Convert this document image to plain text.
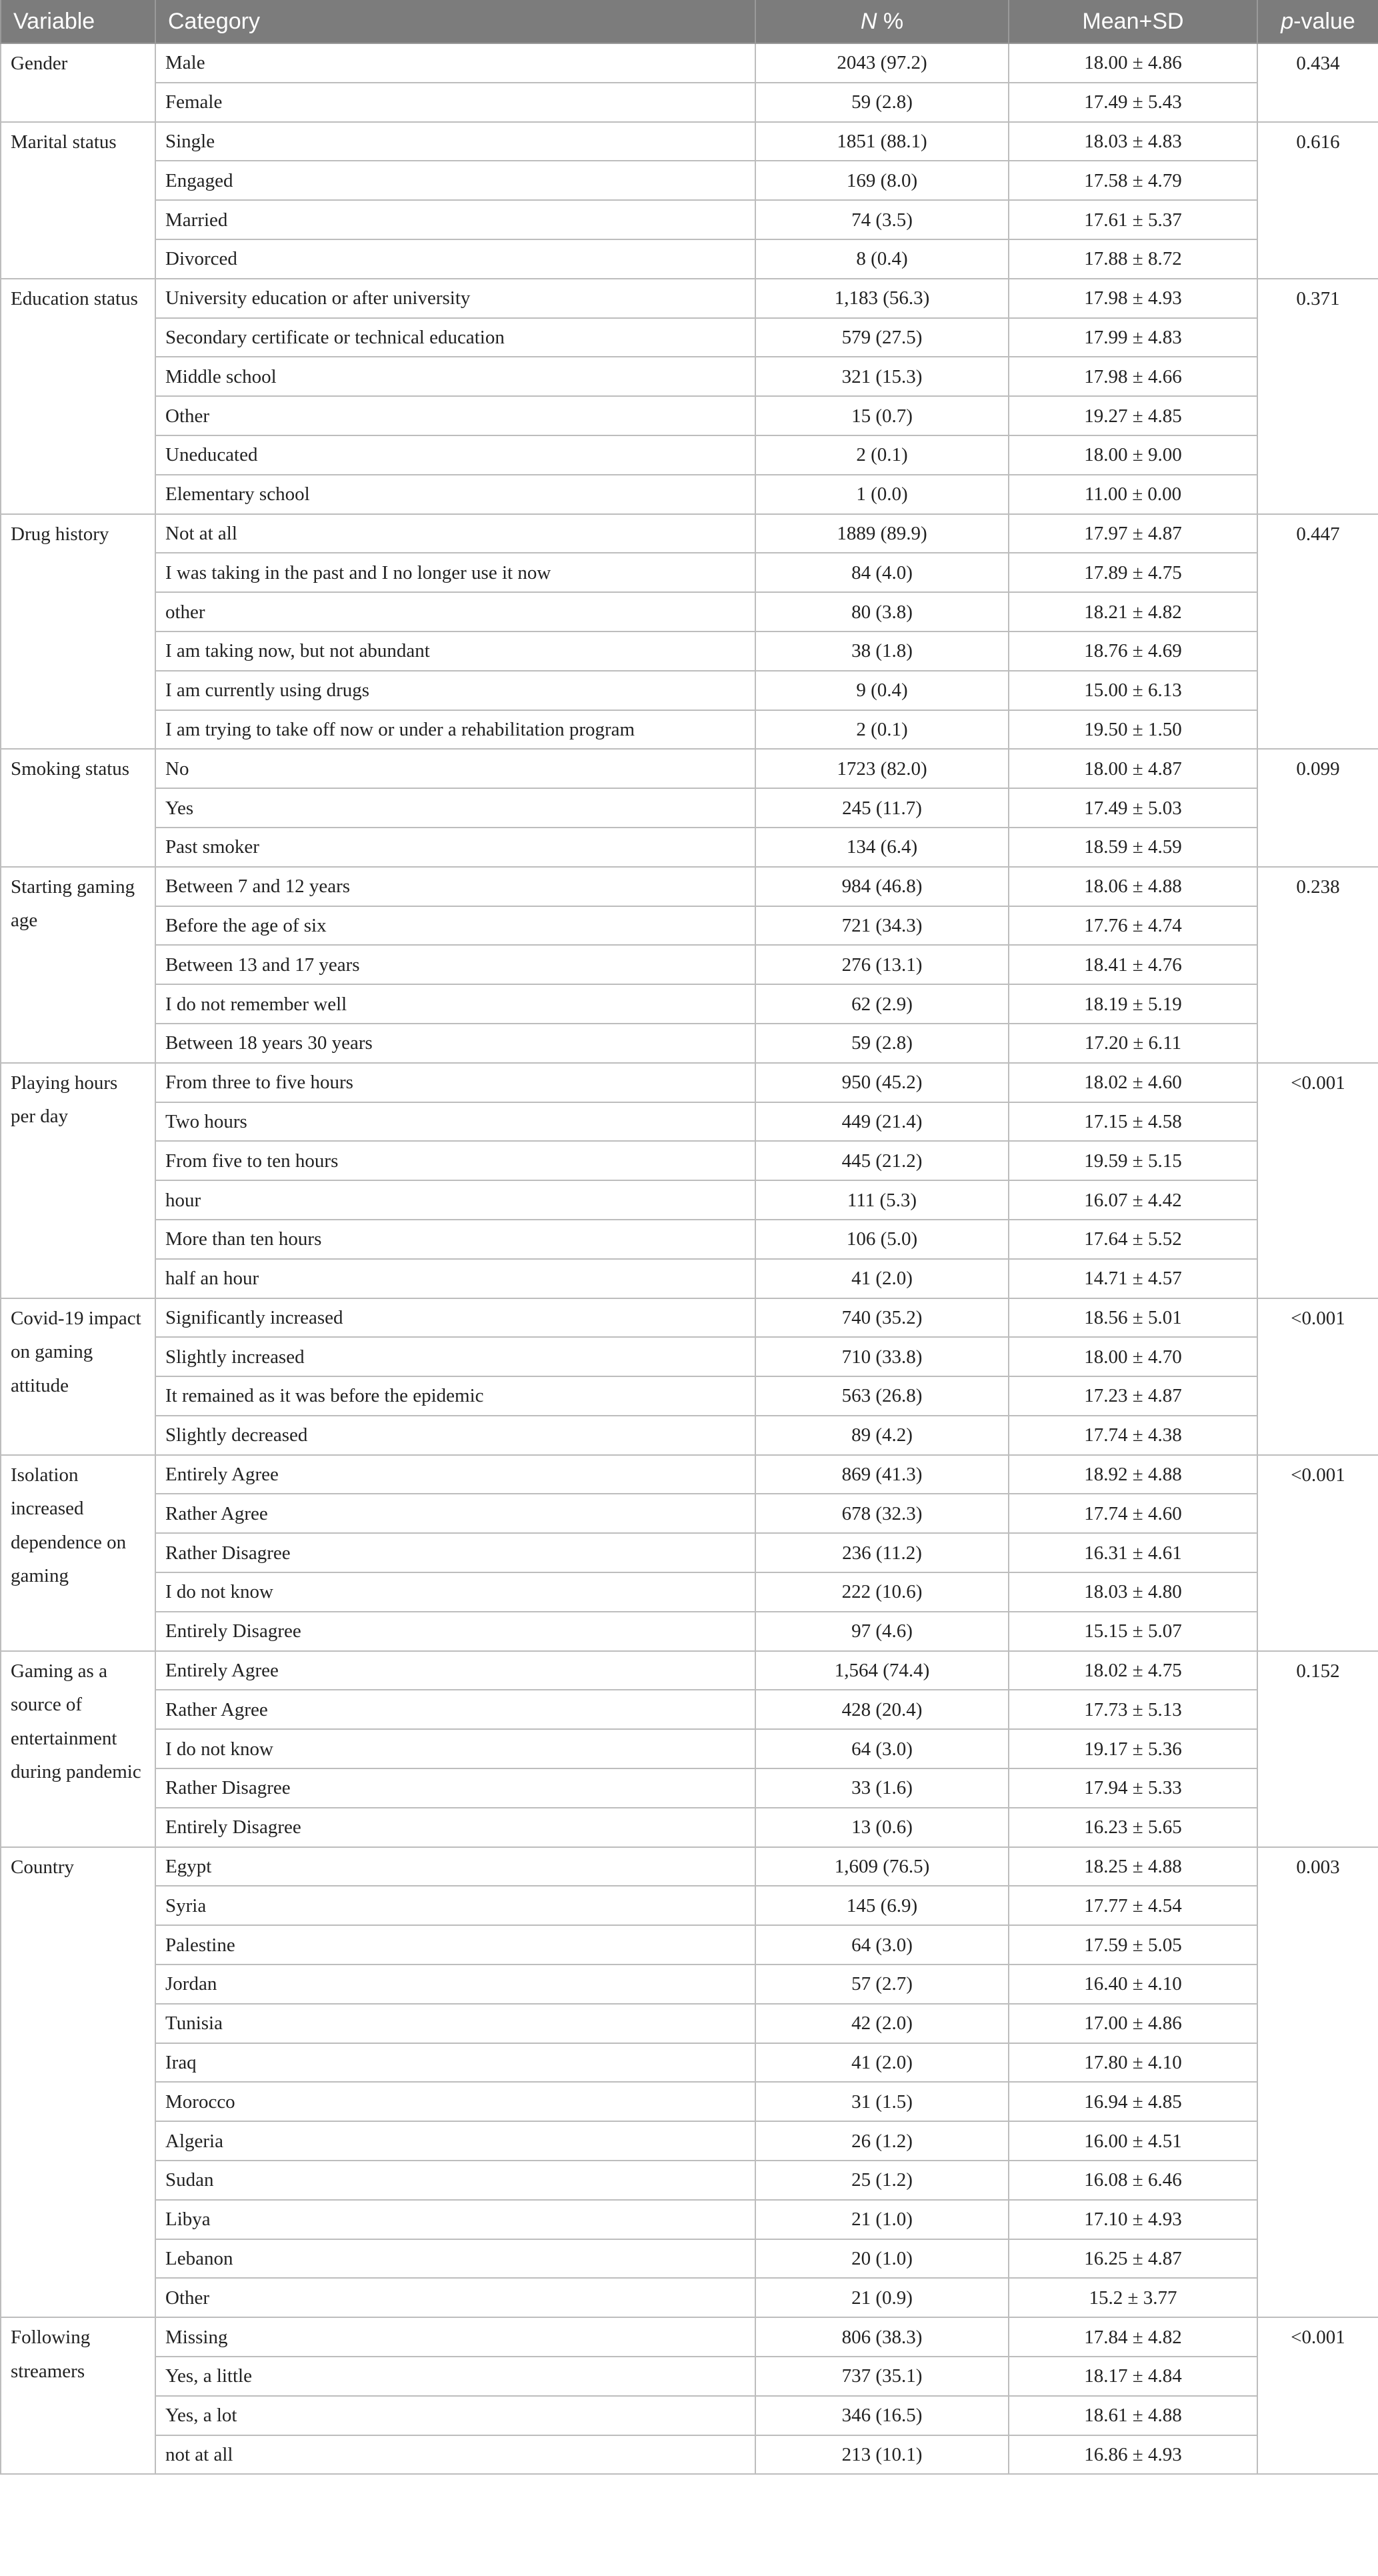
Variable	Category	N %	Mean+SD	p-value
Gender	Male	2043 (97.2)	18.00 ± 4.86	0.434
	Female	59 (2.8)	17.49 ± 5.43	
Marital status	Single	1851 (88.1)	18.03 ± 4.83	0.616
	Engaged	169 (8.0)	17.58 ± 4.79	
	Married	74 (3.5)	17.61 ± 5.37	
	Divorced	8 (0.4)	17.88 ± 8.72	
Education status	University education or after university	1,183 (56.3)	17.98 ± 4.93	0.371
	Secondary certificate or technical education	579 (27.5)	17.99 ± 4.83	
	Middle school	321 (15.3)	17.98 ± 4.66	
	Other	15 (0.7)	19.27 ± 4.85	
	Uneducated	2 (0.1)	18.00 ± 9.00	
	Elementary school	1 (0.0)	11.00 ± 0.00	
Drug history	Not at all	1889 (89.9)	17.97 ± 4.87	0.447
	I was taking in the past and I no longer use it now	84 (4.0)	17.89 ± 4.75	
	other	80 (3.8)	18.21 ± 4.82	
	I am taking now, but not abundant	38 (1.8)	18.76 ± 4.69	
	I am currently using drugs	9 (0.4)	15.00 ± 6.13	
	I am trying to take off now or under a rehabilitation program	2 (0.1)	19.50 ± 1.50	
Smoking status	No	1723 (82.0)	18.00 ± 4.87	0.099
	Yes	245 (11.7)	17.49 ± 5.03	
	Past smoker	134 (6.4)	18.59 ± 4.59	
Starting gaming age	Between 7 and 12 years	984 (46.8)	18.06 ± 4.88	0.238
	Before the age of six	721 (34.3)	17.76 ± 4.74	
	Between 13 and 17 years	276 (13.1)	18.41 ± 4.76	
	I do not remember well	62 (2.9)	18.19 ± 5.19	
	Between 18 years 30 years	59 (2.8)	17.20 ± 6.11	
Playing hours per day	From three to five hours	950 (45.2)	18.02 ± 4.60	<0.001
	Two hours	449 (21.4)	17.15 ± 4.58	
	From five to ten hours	445 (21.2)	19.59 ± 5.15	
	hour	111 (5.3)	16.07 ± 4.42	
	More than ten hours	106 (5.0)	17.64 ± 5.52	
	half an hour	41 (2.0)	14.71 ± 4.57	
Covid-19 impact on gaming attitude	Significantly increased	740 (35.2)	18.56 ± 5.01	<0.001
	Slightly increased	710 (33.8)	18.00 ± 4.70	
	It remained as it was before the epidemic	563 (26.8)	17.23 ± 4.87	
	Slightly decreased	89 (4.2)	17.74 ± 4.38	
Isolation increased dependence on gaming	Entirely Agree	869 (41.3)	18.92 ± 4.88	<0.001
	Rather Agree	678 (32.3)	17.74 ± 4.60	
	Rather Disagree	236 (11.2)	16.31 ± 4.61	
	I do not know	222 (10.6)	18.03 ± 4.80	
	Entirely Disagree	97 (4.6)	15.15 ± 5.07	
Gaming as a source of entertainment during pandemic	Entirely Agree	1,564 (74.4)	18.02 ± 4.75	0.152
	Rather Agree	428 (20.4)	17.73 ± 5.13	
	I do not know	64 (3.0)	19.17 ± 5.36	
	Rather Disagree	33 (1.6)	17.94 ± 5.33	
	Entirely Disagree	13 (0.6)	16.23 ± 5.65	
Country	Egypt	1,609 (76.5)	18.25 ± 4.88	0.003
	Syria	145 (6.9)	17.77 ± 4.54	
	Palestine	64 (3.0)	17.59 ± 5.05	
	Jordan	57 (2.7)	16.40 ± 4.10	
	Tunisia	42 (2.0)	17.00 ± 4.86	
	Iraq	41 (2.0)	17.80 ± 4.10	
	Morocco	31 (1.5)	16.94 ± 4.85	
	Algeria	26 (1.2)	16.00 ± 4.51	
	Sudan	25 (1.2)	16.08 ± 6.46	
	Libya	21 (1.0)	17.10 ± 4.93	
	Lebanon	20 (1.0)	16.25 ± 4.87	
	Other	21 (0.9)	15.2 ± 3.77	
Following streamers	Missing	806 (38.3)	17.84 ± 4.82	<0.001
	Yes, a little	737 (35.1)	18.17 ± 4.84	
	Yes, a lot	346 (16.5)	18.61 ± 4.88	
	not at all	213 (10.1)	16.86 ± 4.93	
